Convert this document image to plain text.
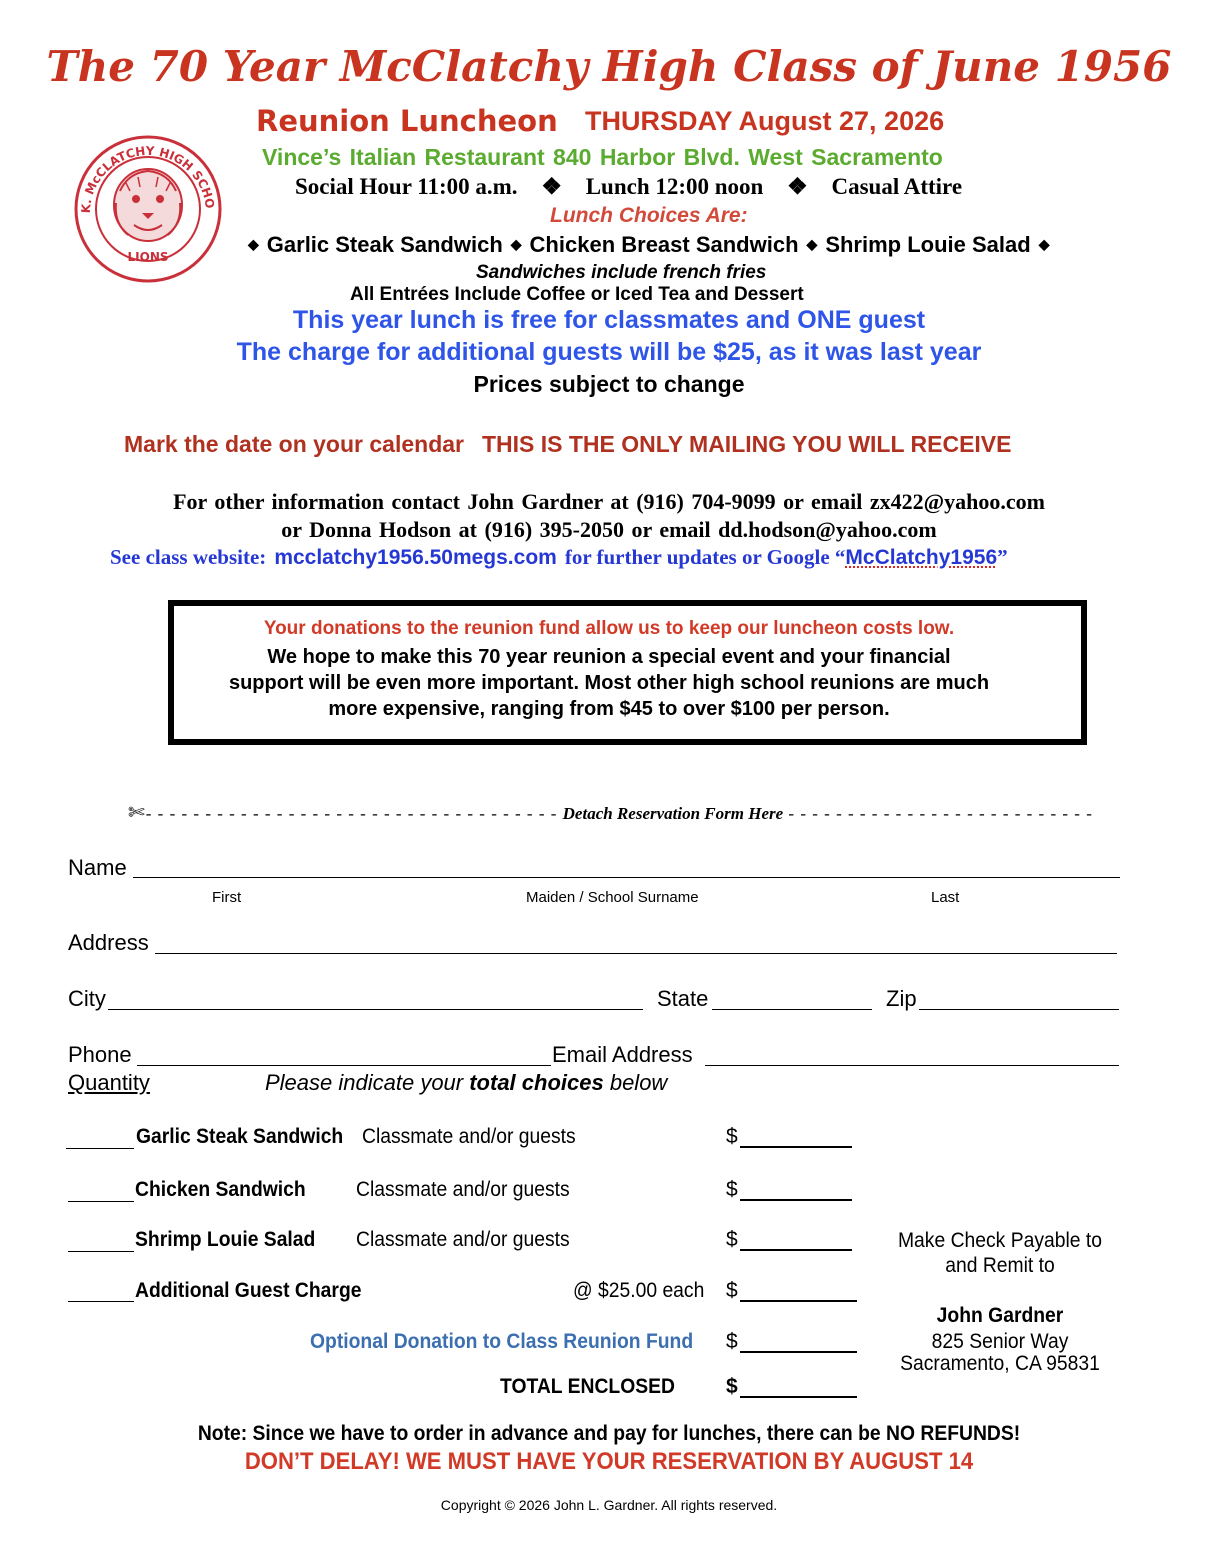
The 70 Year McClatchy High Class of June 1956
Reunion Luncheon THURSDAY August 27, 2026
Vince’s Italian Restaurant 840 Harbor Blvd. West Sacramento
Social Hour 11:00 a.m. ❖ Lunch 12:00 noon ❖ Casual Attire
K. McCLATCHY HIGH SCHO
LIONS
Lunch Choices Are:
◆ Garlic Steak Sandwich ◆ Chicken Breast Sandwich ◆ Shrimp Louie Salad ◆
Sandwiches include french fries
All Entrées Include Coffee or Iced Tea and Dessert
This year lunch is free for classmates and ONE guest
The charge for additional guests will be $25, as it was last year
Prices subject to change
Mark the date on your calendar THIS IS THE ONLY MAILING YOU WILL RECEIVE
For other information contact John Gardner at (916) 704-9099 or email zx422@yahoo.com
or Donna Hodson at (916) 395-2050 or email dd.hodson@yahoo.com
See class website: mcclatchy1956.50megs.com for further updates or Google “McClatchy1956”
Your donations to the reunion fund allow us to keep our luncheon costs low.
We hope to make this 70 year reunion a special event and your financial
support will be even more important. Most other high school reunions are much
more expensive, ranging from $45 to over $100 per person.
✄- - - - - - - - - - - - - - - - - - - - - - - - - - - - - - - - - - - Detach Reservation Form Here - - - - - - - - - - - - - - - - - - - - - - - - - -
Name
First	Maiden / School Surname	Last
Address
City	State	Zip
Phone	Email Address
Quantity	Please indicate your total choices below
Garlic Steak Sandwich Classmate and/or guests	$
Chicken Sandwich Classmate and/or guests	$
Shrimp Louie Salad Classmate and/or guests	$
Additional Guest Charge	@ $25.00 each $
Optional Donation to Class Reunion Fund $
TOTAL ENCLOSED $
Make Check Payable to
and Remit to
John Gardner
825 Senior Way
Sacramento, CA 95831
Note: Since we have to order in advance and pay for lunches, there can be NO REFUNDS!
DON’T DELAY! WE MUST HAVE YOUR RESERVATION BY AUGUST 14
Copyright © 2026 John L. Gardner. All rights reserved.
